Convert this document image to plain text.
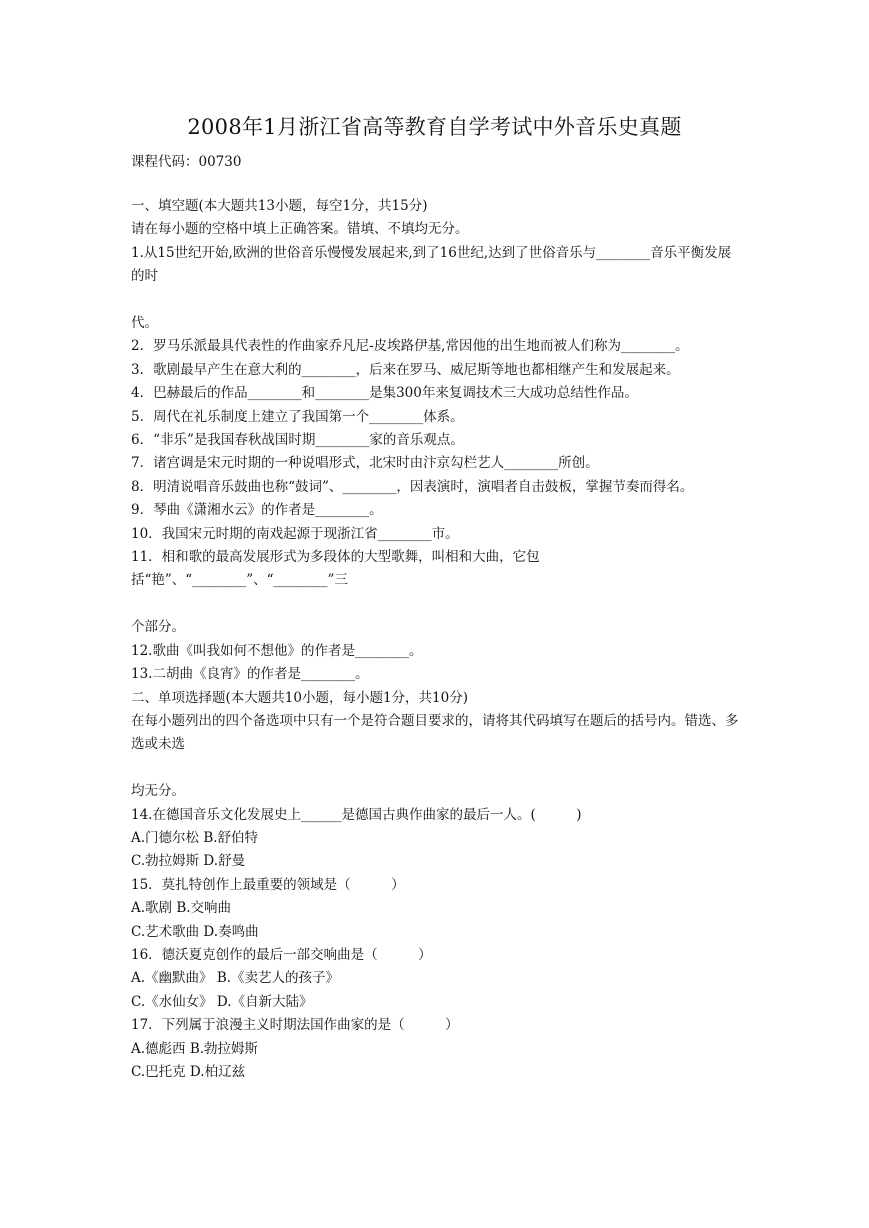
2008年1月浙江省高等教育自学考试中外音乐史真题
课程代码：00730

一、填空题(本大题共13小题，每空1分，共15分)

请在每小题的空格中填上正确答案。错填、不填均无分。

1.从15世纪开始,欧洲的世俗音乐慢慢发展起来,到了16世纪,达到了世俗音乐与________音乐平衡发展的时

代。

2．罗马乐派最具代表性的作曲家乔凡尼-皮埃路伊基,常因他的出生地而被人们称为________。

3．歌剧最早产生在意大利的________，后来在罗马、威尼斯等地也都相继产生和发展起来。

4．巴赫最后的作品________和________是集300年来复调技术三大成功总结性作品。

5．周代在礼乐制度上建立了我国第一个________体系。

6．“非乐”是我国春秋战国时期________家的音乐观点。

7．诸宫调是宋元时期的一种说唱形式，北宋时由汴京勾栏艺人________所创。

8．明清说唱音乐鼓曲也称“鼓词”、________，因表演时，演唱者自击鼓板，掌握节奏而得名。

9．琴曲《潇湘水云》的作者是________。

10．我国宋元时期的南戏起源于现浙江省________市。

11．相和歌的最高发展形式为多段体的大型歌舞，叫相和大曲，它包括“艳”、“________”、“________”三

个部分。

12.歌曲《叫我如何不想他》的作者是________。

13.二胡曲《良宵》的作者是________。

二、单项选择题(本大题共10小题，每小题1分，共10分)

在每小题列出的四个备选项中只有一个是符合题目要求的，请将其代码填写在题后的括号内。错选、多选或未选

均无分。

14.在德国音乐文化发展史上______是德国古典作曲家的最后一人。(　　　)

A.门德尔松 B.舒伯特

C.勃拉姆斯 D.舒曼

15．莫扎特创作上最重要的领域是（　　　）

A.歌剧 B.交响曲

C.艺术歌曲 D.奏鸣曲

16．德沃夏克创作的最后一部交响曲是（　　　）

A.《幽默曲》 B.《卖艺人的孩子》

C.《水仙女》 D.《自新大陆》

17．下列属于浪漫主义时期法国作曲家的是（　　　）

A.德彪西 B.勃拉姆斯

C.巴托克 D.柏辽兹
